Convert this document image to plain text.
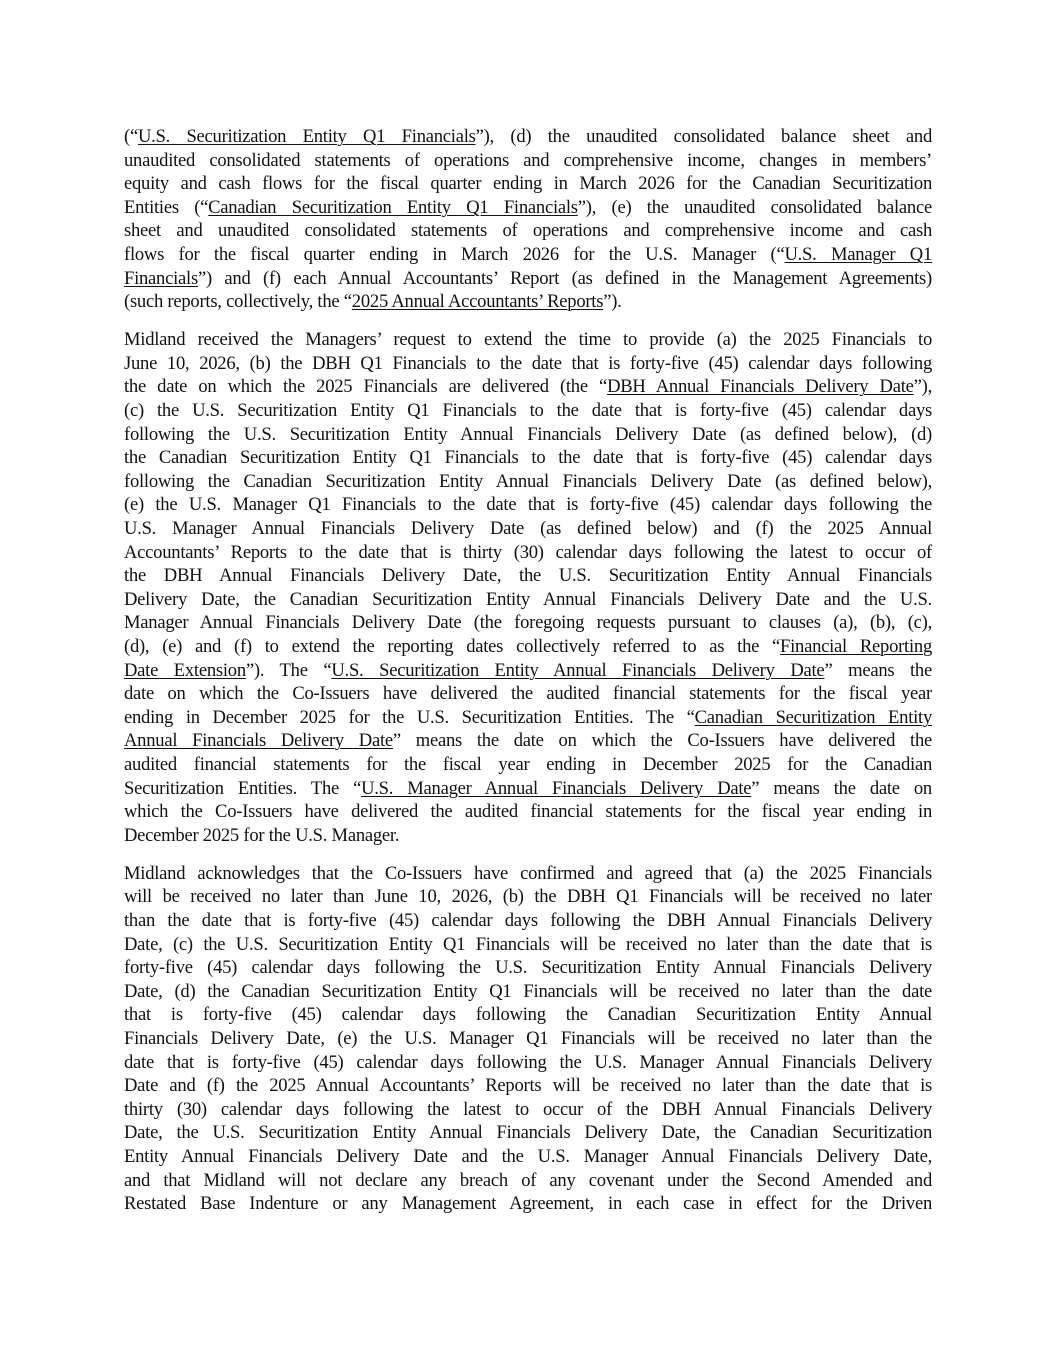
(“U.S. Securitization Entity Q1 Financials”), (d) the unaudited consolidated balance sheet and
unaudited consolidated statements of operations and comprehensive income, changes in members’
equity and cash flows for the fiscal quarter ending in March 2026 for the Canadian Securitization
Entities (“Canadian Securitization Entity Q1 Financials”), (e) the unaudited consolidated balance
sheet and unaudited consolidated statements of operations and comprehensive income and cash
flows for the fiscal quarter ending in March 2026 for the U.S. Manager (“U.S. Manager Q1
Financials”) and (f) each Annual Accountants’ Report (as defined in the Management Agreements)
(such reports, collectively, the “2025 Annual Accountants’ Reports”).

Midland received the Managers’ request to extend the time to provide (a) the 2025 Financials to
June 10, 2026, (b) the DBH Q1 Financials to the date that is forty-five (45) calendar days following
the date on which the 2025 Financials are delivered (the “DBH Annual Financials Delivery Date”),
(c) the U.S. Securitization Entity Q1 Financials to the date that is forty-five (45) calendar days
following the U.S. Securitization Entity Annual Financials Delivery Date (as defined below), (d)
the Canadian Securitization Entity Q1 Financials to the date that is forty-five (45) calendar days
following the Canadian Securitization Entity Annual Financials Delivery Date (as defined below),
(e) the U.S. Manager Q1 Financials to the date that is forty-five (45) calendar days following the
U.S. Manager Annual Financials Delivery Date (as defined below) and (f) the 2025 Annual
Accountants’ Reports to the date that is thirty (30) calendar days following the latest to occur of
the DBH Annual Financials Delivery Date, the U.S. Securitization Entity Annual Financials
Delivery Date, the Canadian Securitization Entity Annual Financials Delivery Date and the U.S.
Manager Annual Financials Delivery Date (the foregoing requests pursuant to clauses (a), (b), (c),
(d), (e) and (f) to extend the reporting dates collectively referred to as the “Financial Reporting
Date Extension”). The “U.S. Securitization Entity Annual Financials Delivery Date” means the
date on which the Co-Issuers have delivered the audited financial statements for the fiscal year
ending in December 2025 for the U.S. Securitization Entities. The “Canadian Securitization Entity
Annual Financials Delivery Date” means the date on which the Co-Issuers have delivered the
audited financial statements for the fiscal year ending in December 2025 for the Canadian
Securitization Entities. The “U.S. Manager Annual Financials Delivery Date” means the date on
which the Co-Issuers have delivered the audited financial statements for the fiscal year ending in
December 2025 for the U.S. Manager.

Midland acknowledges that the Co-Issuers have confirmed and agreed that (a) the 2025 Financials
will be received no later than June 10, 2026, (b) the DBH Q1 Financials will be received no later
than the date that is forty-five (45) calendar days following the DBH Annual Financials Delivery
Date, (c) the U.S. Securitization Entity Q1 Financials will be received no later than the date that is
forty-five (45) calendar days following the U.S. Securitization Entity Annual Financials Delivery
Date, (d) the Canadian Securitization Entity Q1 Financials will be received no later than the date
that is forty-five (45) calendar days following the Canadian Securitization Entity Annual
Financials Delivery Date, (e) the U.S. Manager Q1 Financials will be received no later than the
date that is forty-five (45) calendar days following the U.S. Manager Annual Financials Delivery
Date and (f) the 2025 Annual Accountants’ Reports will be received no later than the date that is
thirty (30) calendar days following the latest to occur of the DBH Annual Financials Delivery
Date, the U.S. Securitization Entity Annual Financials Delivery Date, the Canadian Securitization
Entity Annual Financials Delivery Date and the U.S. Manager Annual Financials Delivery Date,
and that Midland will not declare any breach of any covenant under the Second Amended and
Restated Base Indenture or any Management Agreement, in each case in effect for the Driven
